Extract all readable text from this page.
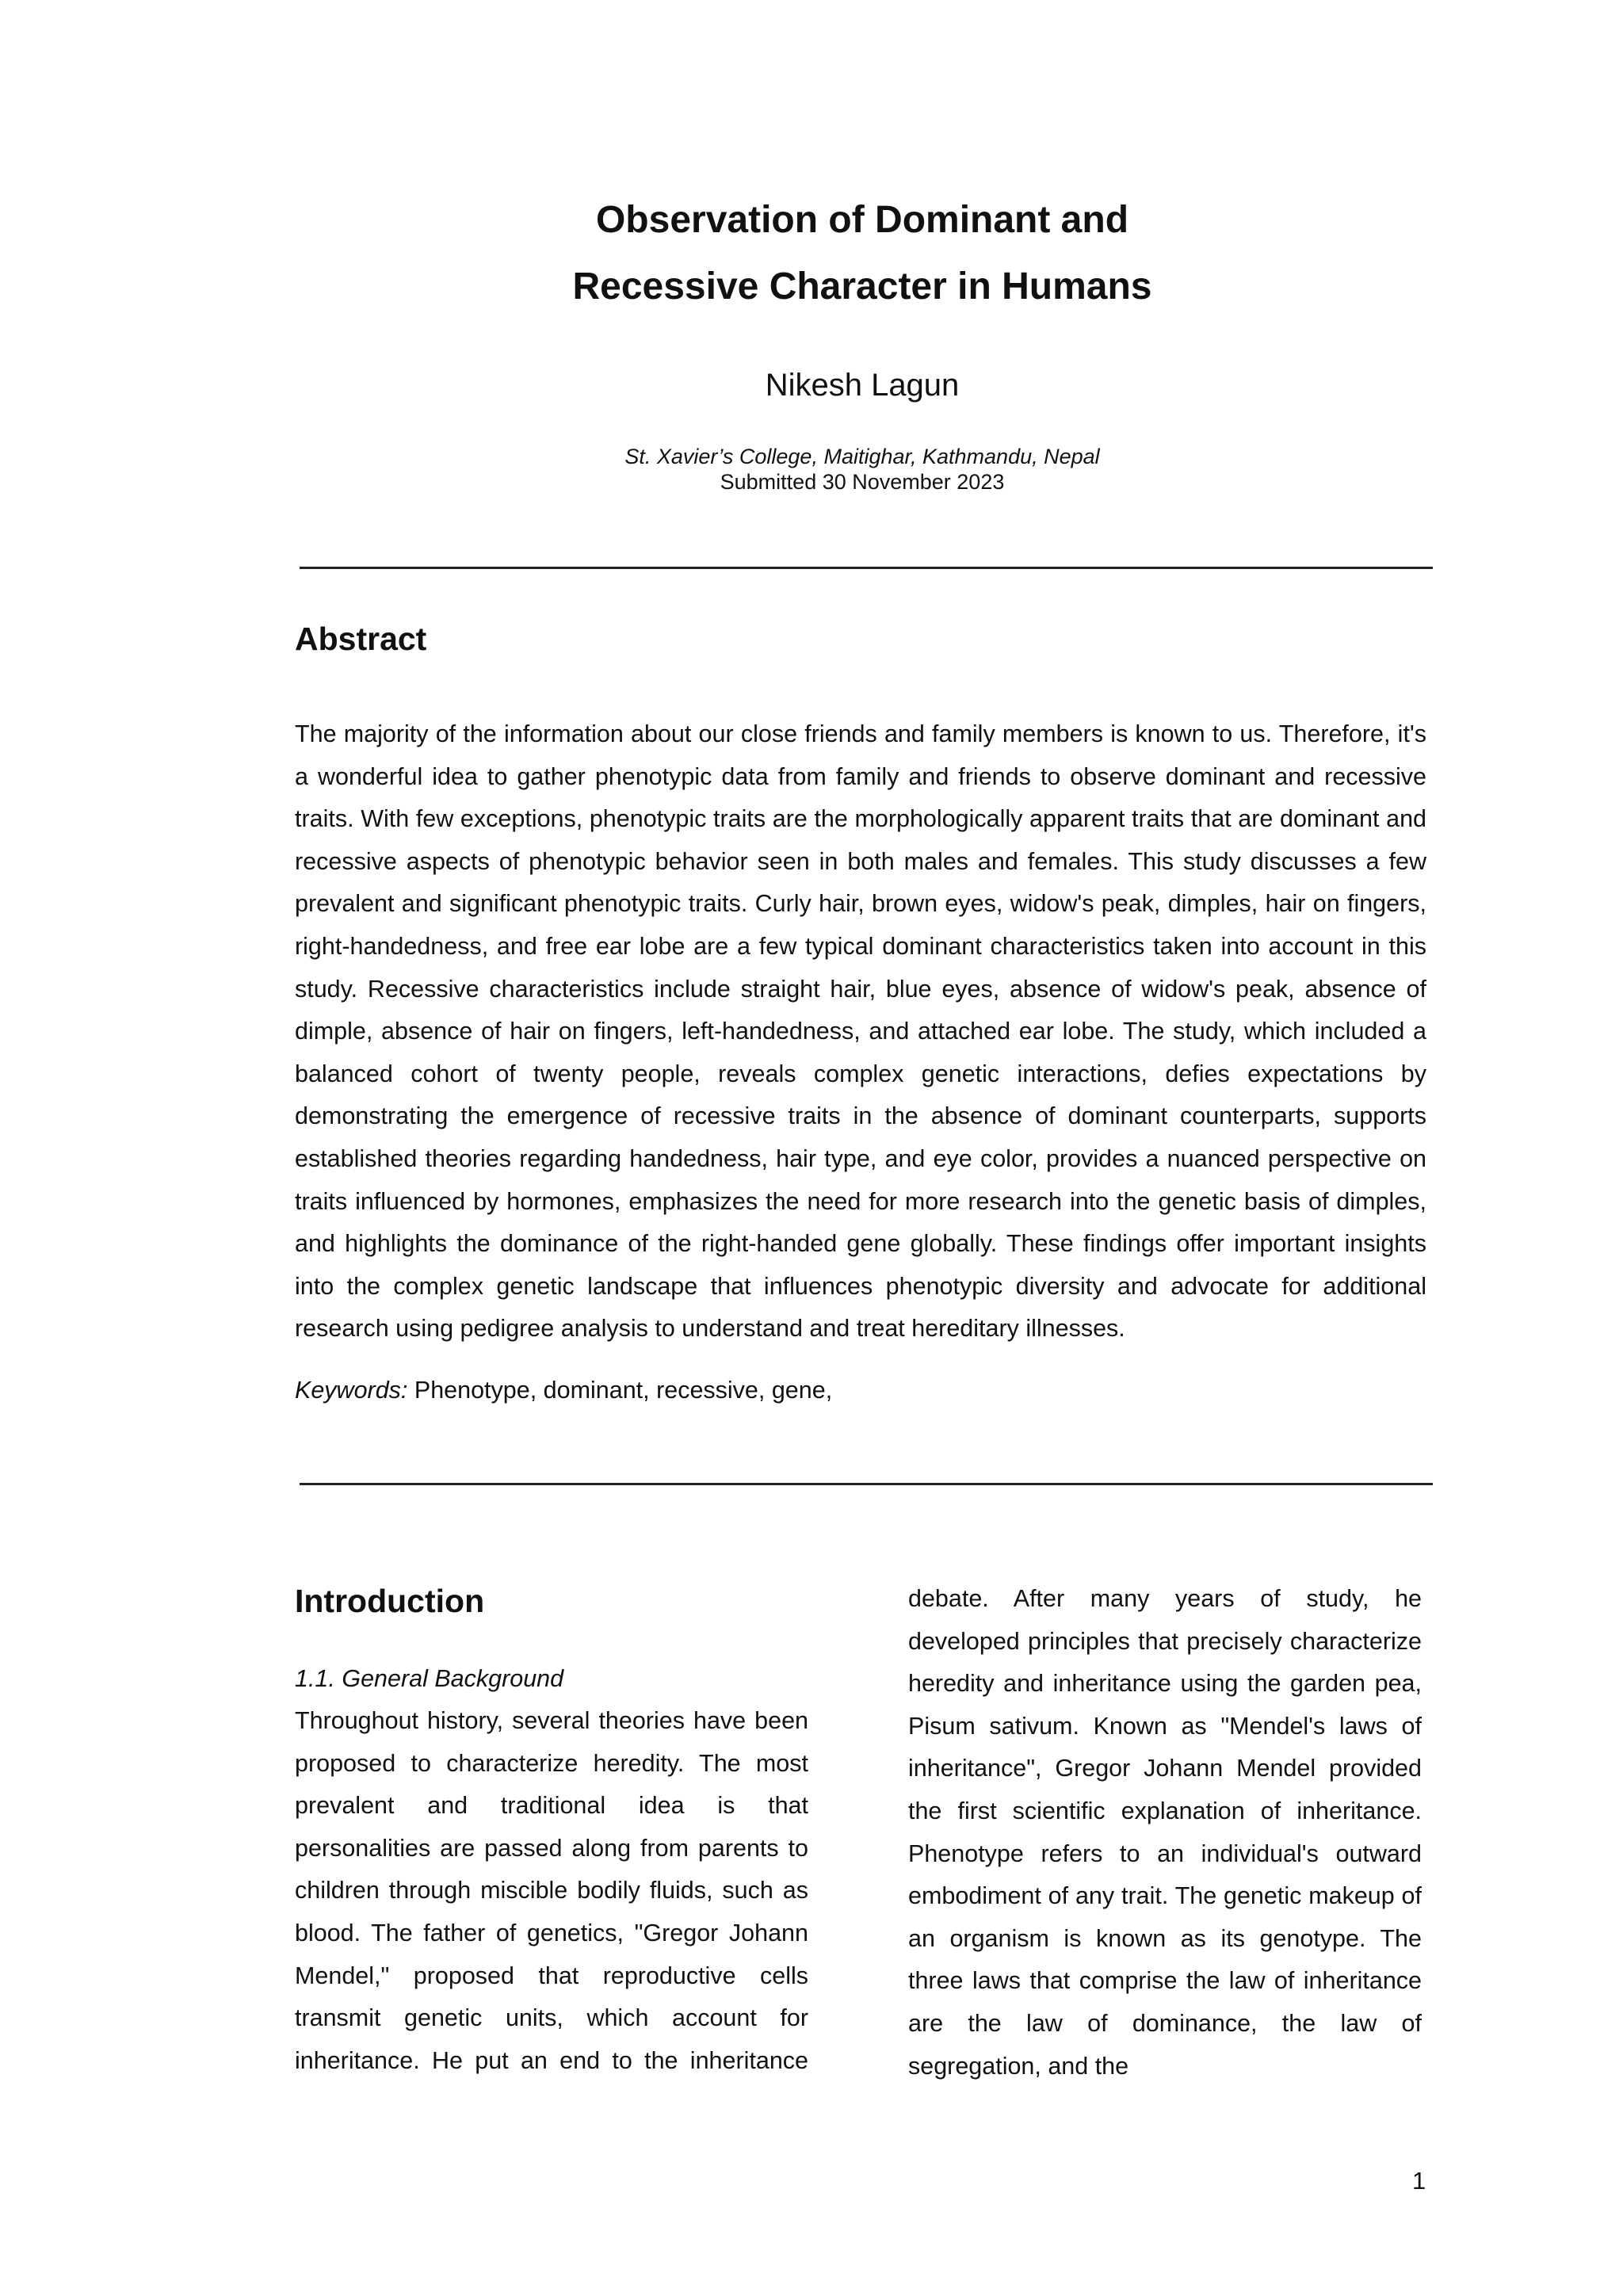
Observation of Dominant and
Recessive Character in Humans

Nikesh Lagun

St. Xavier’s College, Maitighar, Kathmandu, Nepal

Submitted 30 November 2023

Abstract

The majority of the information about our close friends and family members is known to us. Therefore, it's a wonderful idea to gather phenotypic data from family and friends to observe dominant and recessive traits. With few exceptions, phenotypic traits are the morphologically apparent traits that are dominant and recessive aspects of phenotypic behavior seen in both males and females. This study discusses a few prevalent and significant phenotypic traits. Curly hair, brown eyes, widow's peak, dimples, hair on fingers, right-handedness, and free ear lobe are a few typical dominant characteristics taken into account in this study. Recessive characteristics include straight hair, blue eyes, absence of widow's peak, absence of dimple, absence of hair on fingers, left-handedness, and attached ear lobe. The study, which included a balanced cohort of twenty people, reveals complex genetic interactions, defies expectations by demonstrating the emergence of recessive traits in the absence of dominant counterparts, supports established theories regarding handedness, hair type, and eye color, provides a nuanced perspective on traits influenced by hormones, emphasizes the need for more research into the genetic basis of dimples, and highlights the dominance of the right-handed gene globally. These findings offer important insights into the complex genetic landscape that influences phenotypic diversity and advocate for additional research using pedigree analysis to understand and treat hereditary illnesses.

Keywords: Phenotype, dominant, recessive, gene,

Introduction

1.1. General Background

Throughout history, several theories have been proposed to characterize heredity. The most prevalent and traditional idea is that personalities are passed along from parents to children through miscible bodily fluids, such as blood. The father of genetics, "Gregor Johann Mendel," proposed that reproductive cells transmit genetic units, which account for inheritance. He put an end to the inheritance

debate. After many years of study, he developed principles that precisely characterize heredity and inheritance using the garden pea, Pisum sativum. Known as "Mendel's laws of inheritance", Gregor Johann Mendel provided the first scientific explanation of inheritance. Phenotype refers to an individual's outward embodiment of any trait. The genetic makeup of an organism is known as its genotype. The three laws that comprise the law of inheritance are the law of dominance, the law of segregation, and the

1
